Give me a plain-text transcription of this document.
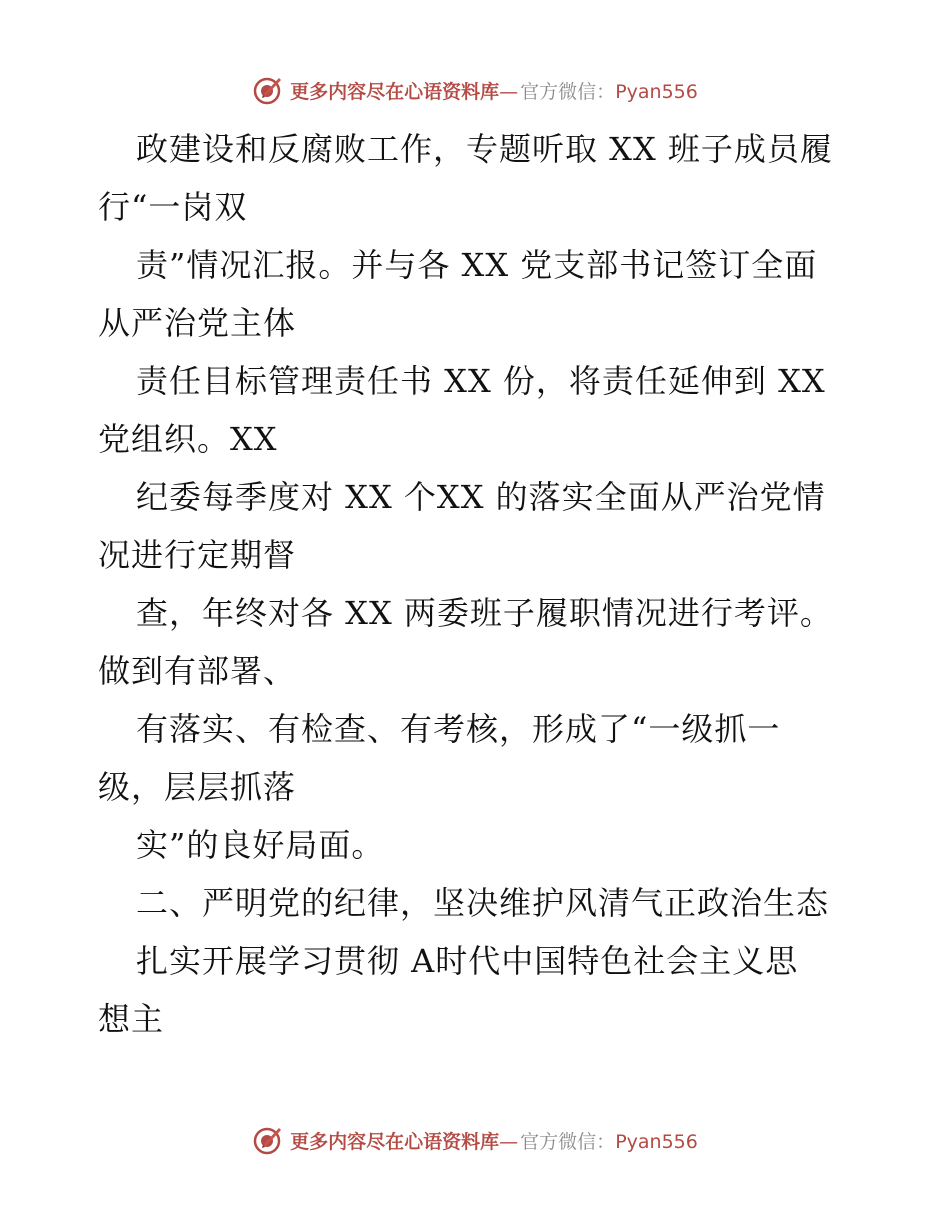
更多内容尽在心语资料库 — 官方微信： Pyan556
政建设和反腐败工作，专题听取 XX 班子成员履
行“一岗双
责”情况汇报。并与各 XX 党支部书记签订全面
从严治党主体
责任目标管理责任书 XX 份，将责任延伸到 XX
党组织。XX
纪委每季度对 XX 个XX 的落实全面从严治党情
况进行定期督
查，年终对各 XX 两委班子履职情况进行考评。
做到有部署、
有落实、有检查、有考核，形成了“一级抓一
级，层层抓落
实”的良好局面。
二、严明党的纪律，坚决维护风清气正政治生态
扎实开展学习贯彻 A时代中国特色社会主义思
想主
更多内容尽在心语资料库 — 官方微信： Pyan556
